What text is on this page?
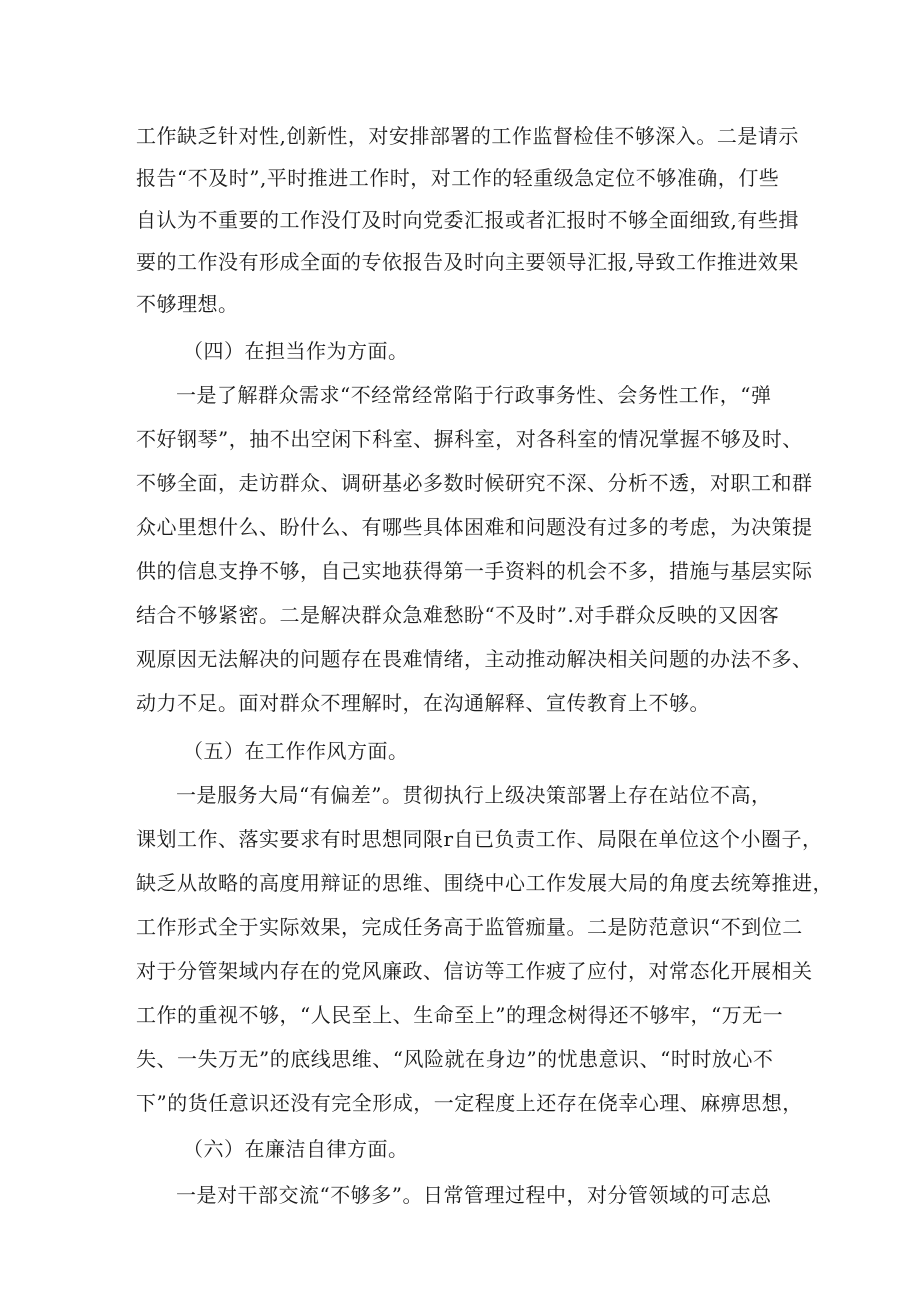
工作缺乏针对性,创新性，对安排部署的工作监督检佳不够深入。二是请示
报告“不及时”,平时推进工作时，对工作的轻重级急定位不够准确，仃些
自认为不重要的工作没仃及时向党委汇报或者汇报时不够全面细致,有些揖
要的工作没有形成全面的专依报告及时向主要领导汇报,导致工作推进效果
不够理想。
（四）在担当作为方面。
一是了解群众需求“不经常经常陷于行政事务性、会务性工作，“弹
不好钢琴”，抽不出空闲下科室、摒科室，对各科室的情况掌握不够及时、
不够全面，走访群众、调研基必多数时候研究不深、分析不透，对职工和群
众心里想什么、盼什么、有哪些具体困难和问题没有过多的考虑，为决策提
供的信息支挣不够，自己实地获得第一手资料的机会不多，措施与基层实际
结合不够紧密。二是解决群众急难愁盼“不及时”.对手群众反映的又因客
观原因无法解决的问题存在畏难情绪，主动推动解决相关问题的办法不多、
动力不足。面对群众不理解时，在沟通解释、宣传教育上不够。
（五）在工作作风方面。
一是服务大局“有偏差”。贯彻执行上级决策部署上存在站位不高，
课划工作、落实要求有时思想同限r自已负责工作、局限在单位这个小圈子，
缺乏从故略的高度用辩证的思维、围绕中心工作发展大局的角度去统筹推进，
工作形式全于实际效果，完成任务高于监管痂量。二是防范意识“不到位二
对于分管架域内存在的党风廉政、信访等工作疲了应付，对常态化开展相关
工作的重视不够，“人民至上、生命至上”的理念树得还不够牢，“万无一
失、一失万无”的底线思维、“风险就在身边”的忧患意识、“时时放心不
下”的货任意识还没有完全形成，一定程度上还存在侥幸心理、麻痹思想，
（六）在廉洁自律方面。
一是对干部交流“不够多”。日常管理过程中，对分管领域的可志总
